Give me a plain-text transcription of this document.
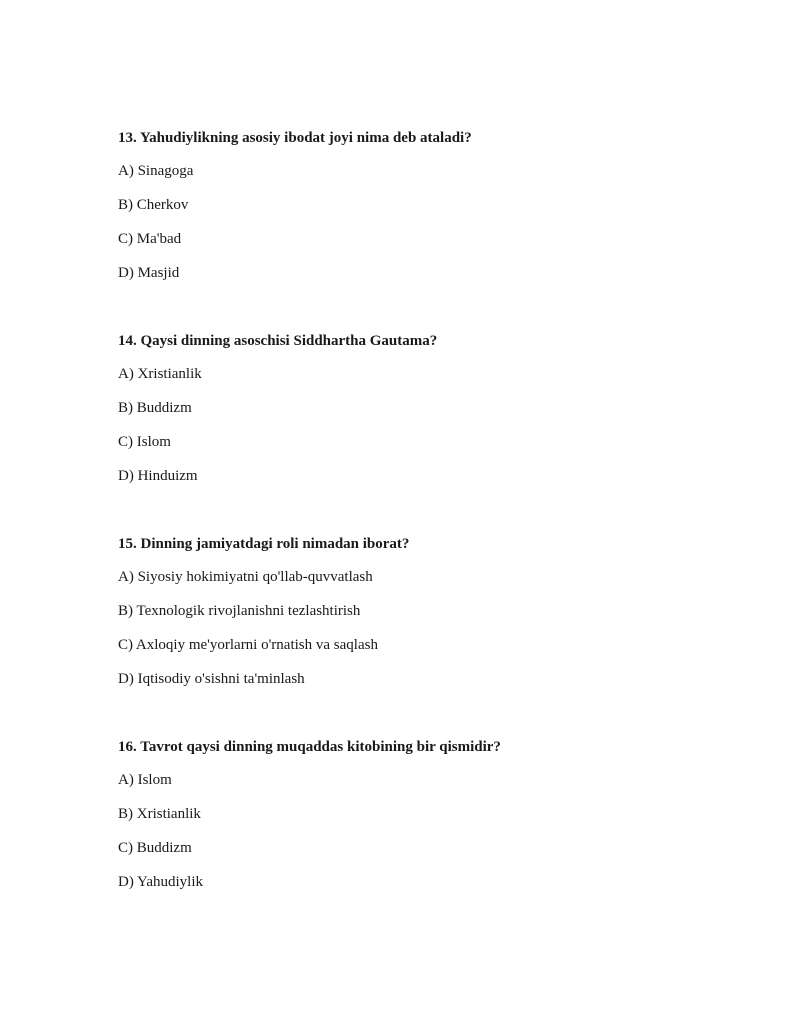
13. Yahudiylikning asosiy ibodat joyi nima deb ataladi?

A) Sinagoga

B) Cherkov

C) Ma'bad

D) Masjid

14. Qaysi dinning asoschisi Siddhartha Gautama?

A) Xristianlik

B) Buddizm

C) Islom

D) Hinduizm

15. Dinning jamiyatdagi roli nimadan iborat?

A) Siyosiy hokimiyatni qo'llab-quvvatlash

B) Texnologik rivojlanishni tezlashtirish

C) Axloqiy me'yorlarni o'rnatish va saqlash

D) Iqtisodiy o'sishni ta'minlash

16. Tavrot qaysi dinning muqaddas kitobining bir qismidir?

A) Islom

B) Xristianlik

C) Buddizm

D) Yahudiylik
